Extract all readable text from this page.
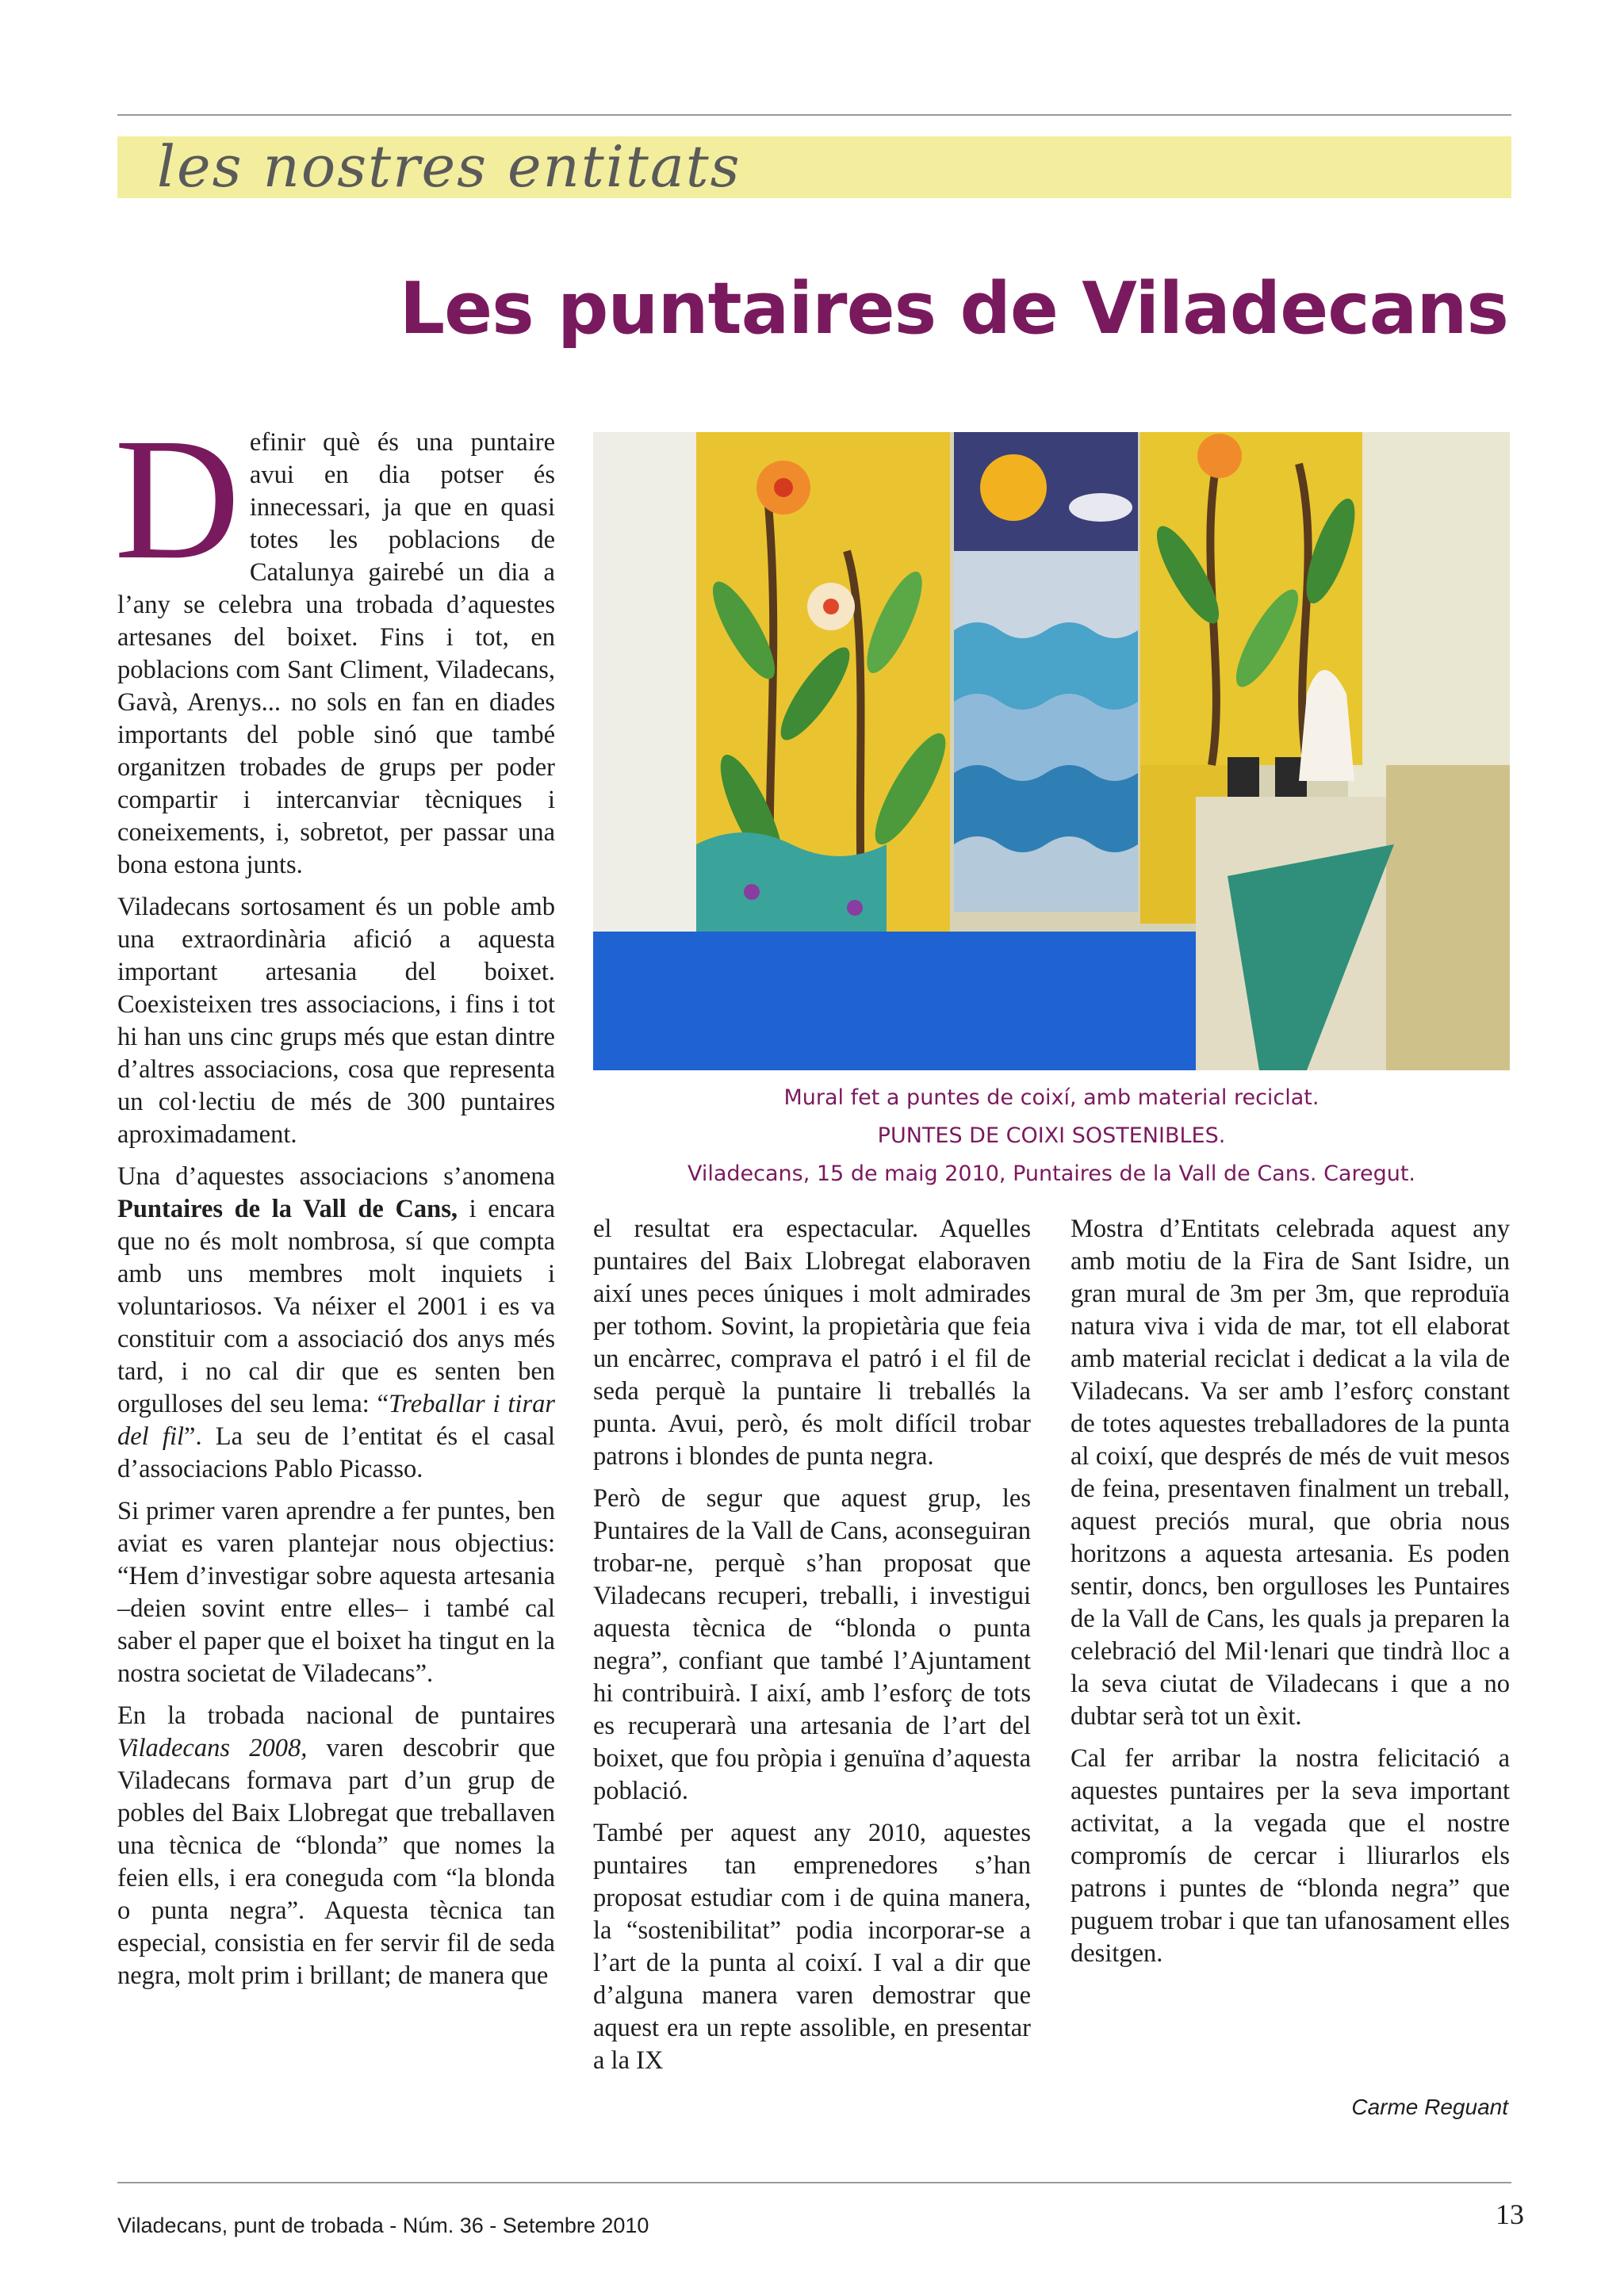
les nostres entitats
Les puntaires de Viladecans

Definir què és una puntaire avui en dia potser és innecessari, ja que en quasi totes les poblacions de Catalunya gairebé un dia a l’any se celebra una trobada d’aquestes artesanes del boixet. Fins i tot, en poblacions com Sant Climent, Viladecans, Gavà, Arenys... no sols en fan en diades importants del poble sinó que també organitzen trobades de grups per poder compartir i intercanviar tècniques i coneixements, i, sobretot, per passar una bona estona junts.

Viladecans sortosament és un poble amb una extraordinària afició a aquesta important artesania del boixet. Coexisteixen tres associacions, i fins i tot hi han uns cinc grups més que estan dintre d’altres associacions, cosa que representa un col·lectiu de més de 300 puntaires aproximadament.

Una d’aquestes associacions s’anomena Puntaires de la Vall de Cans, i encara que no és molt nombrosa, sí que compta amb uns membres molt inquiets i voluntariosos. Va néixer el 2001 i es va constituir com a associació dos anys més tard, i no cal dir que es senten ben orgulloses del seu lema: “Treballar i tirar del fil”. La seu de l’entitat és el casal d’associacions Pablo Picasso.

Si primer varen aprendre a fer puntes, ben aviat es varen plantejar nous objectius: “Hem d’investigar sobre aquesta artesania –deien sovint entre elles– i també cal saber el paper que el boixet ha tingut en la nostra societat de Viladecans”.

En la trobada nacional de puntaires Viladecans 2008, varen descobrir que Viladecans formava part d’un grup de pobles del Baix Llobregat que treballaven una tècnica de “blonda” que nomes la feien ells, i era coneguda com “la blonda o punta negra”. Aquesta tècnica tan especial, consistia en fer servir fil de seda negra, molt prim i brillant; de manera que

Mural fet a puntes de coixí, amb material reciclat.
PUNTES DE COIXI SOSTENIBLES.
Viladecans, 15 de maig 2010, Puntaires de la Vall de Cans. Caregut.

el resultat era espectacular. Aquelles puntaires del Baix Llobregat elaboraven així unes peces úniques i molt admirades per tothom. Sovint, la propietària que feia un encàrrec, comprava el patró i el fil de seda perquè la puntaire li treballés la punta. Avui, però, és molt difícil trobar patrons i blondes de punta negra.

Però de segur que aquest grup, les Puntaires de la Vall de Cans, aconseguiran trobar-ne, perquè s’han proposat que Viladecans recuperi, treballi, i investigui aquesta tècnica de “blonda o punta negra”, confiant que també l’Ajuntament hi contribuirà. I així, amb l’esforç de tots es recuperarà una artesania de l’art del boixet, que fou pròpia i genuïna d’aquesta població.

També per aquest any 2010, aquestes puntaires tan emprenedores s’han proposat estudiar com i de quina manera, la “sostenibilitat” podia incorporar-se a l’art de la punta al coixí. I val a dir que d’alguna manera varen demostrar que aquest era un repte assolible, en presentar a la IX

Mostra d’Entitats celebrada aquest any amb motiu de la Fira de Sant Isidre, un gran mural de 3m per 3m, que reproduïa natura viva i vida de mar, tot ell elaborat amb material reciclat i dedicat a la vila de Viladecans. Va ser amb l’esforç constant de totes aquestes treballadores de la punta al coixí, que després de més de vuit mesos de feina, presentaven finalment un treball, aquest preciós mural, que obria nous horitzons a aquesta artesania. Es poden sentir, doncs, ben orgulloses les Puntaires de la Vall de Cans, les quals ja preparen la celebració del Mil·lenari que tindrà lloc a la seva ciutat de Viladecans i que a no dubtar serà tot un èxit.

Cal fer arribar la nostra felicitació a aquestes puntaires per la seva important activitat, a la vegada que el nostre compromís de cercar i lliurarlos els patrons i puntes de “blonda negra” que puguem trobar i que tan ufanosament elles desitgen.

Carme Reguant
Viladecans, punt de trobada - Núm. 36 - Setembre 2010	13
